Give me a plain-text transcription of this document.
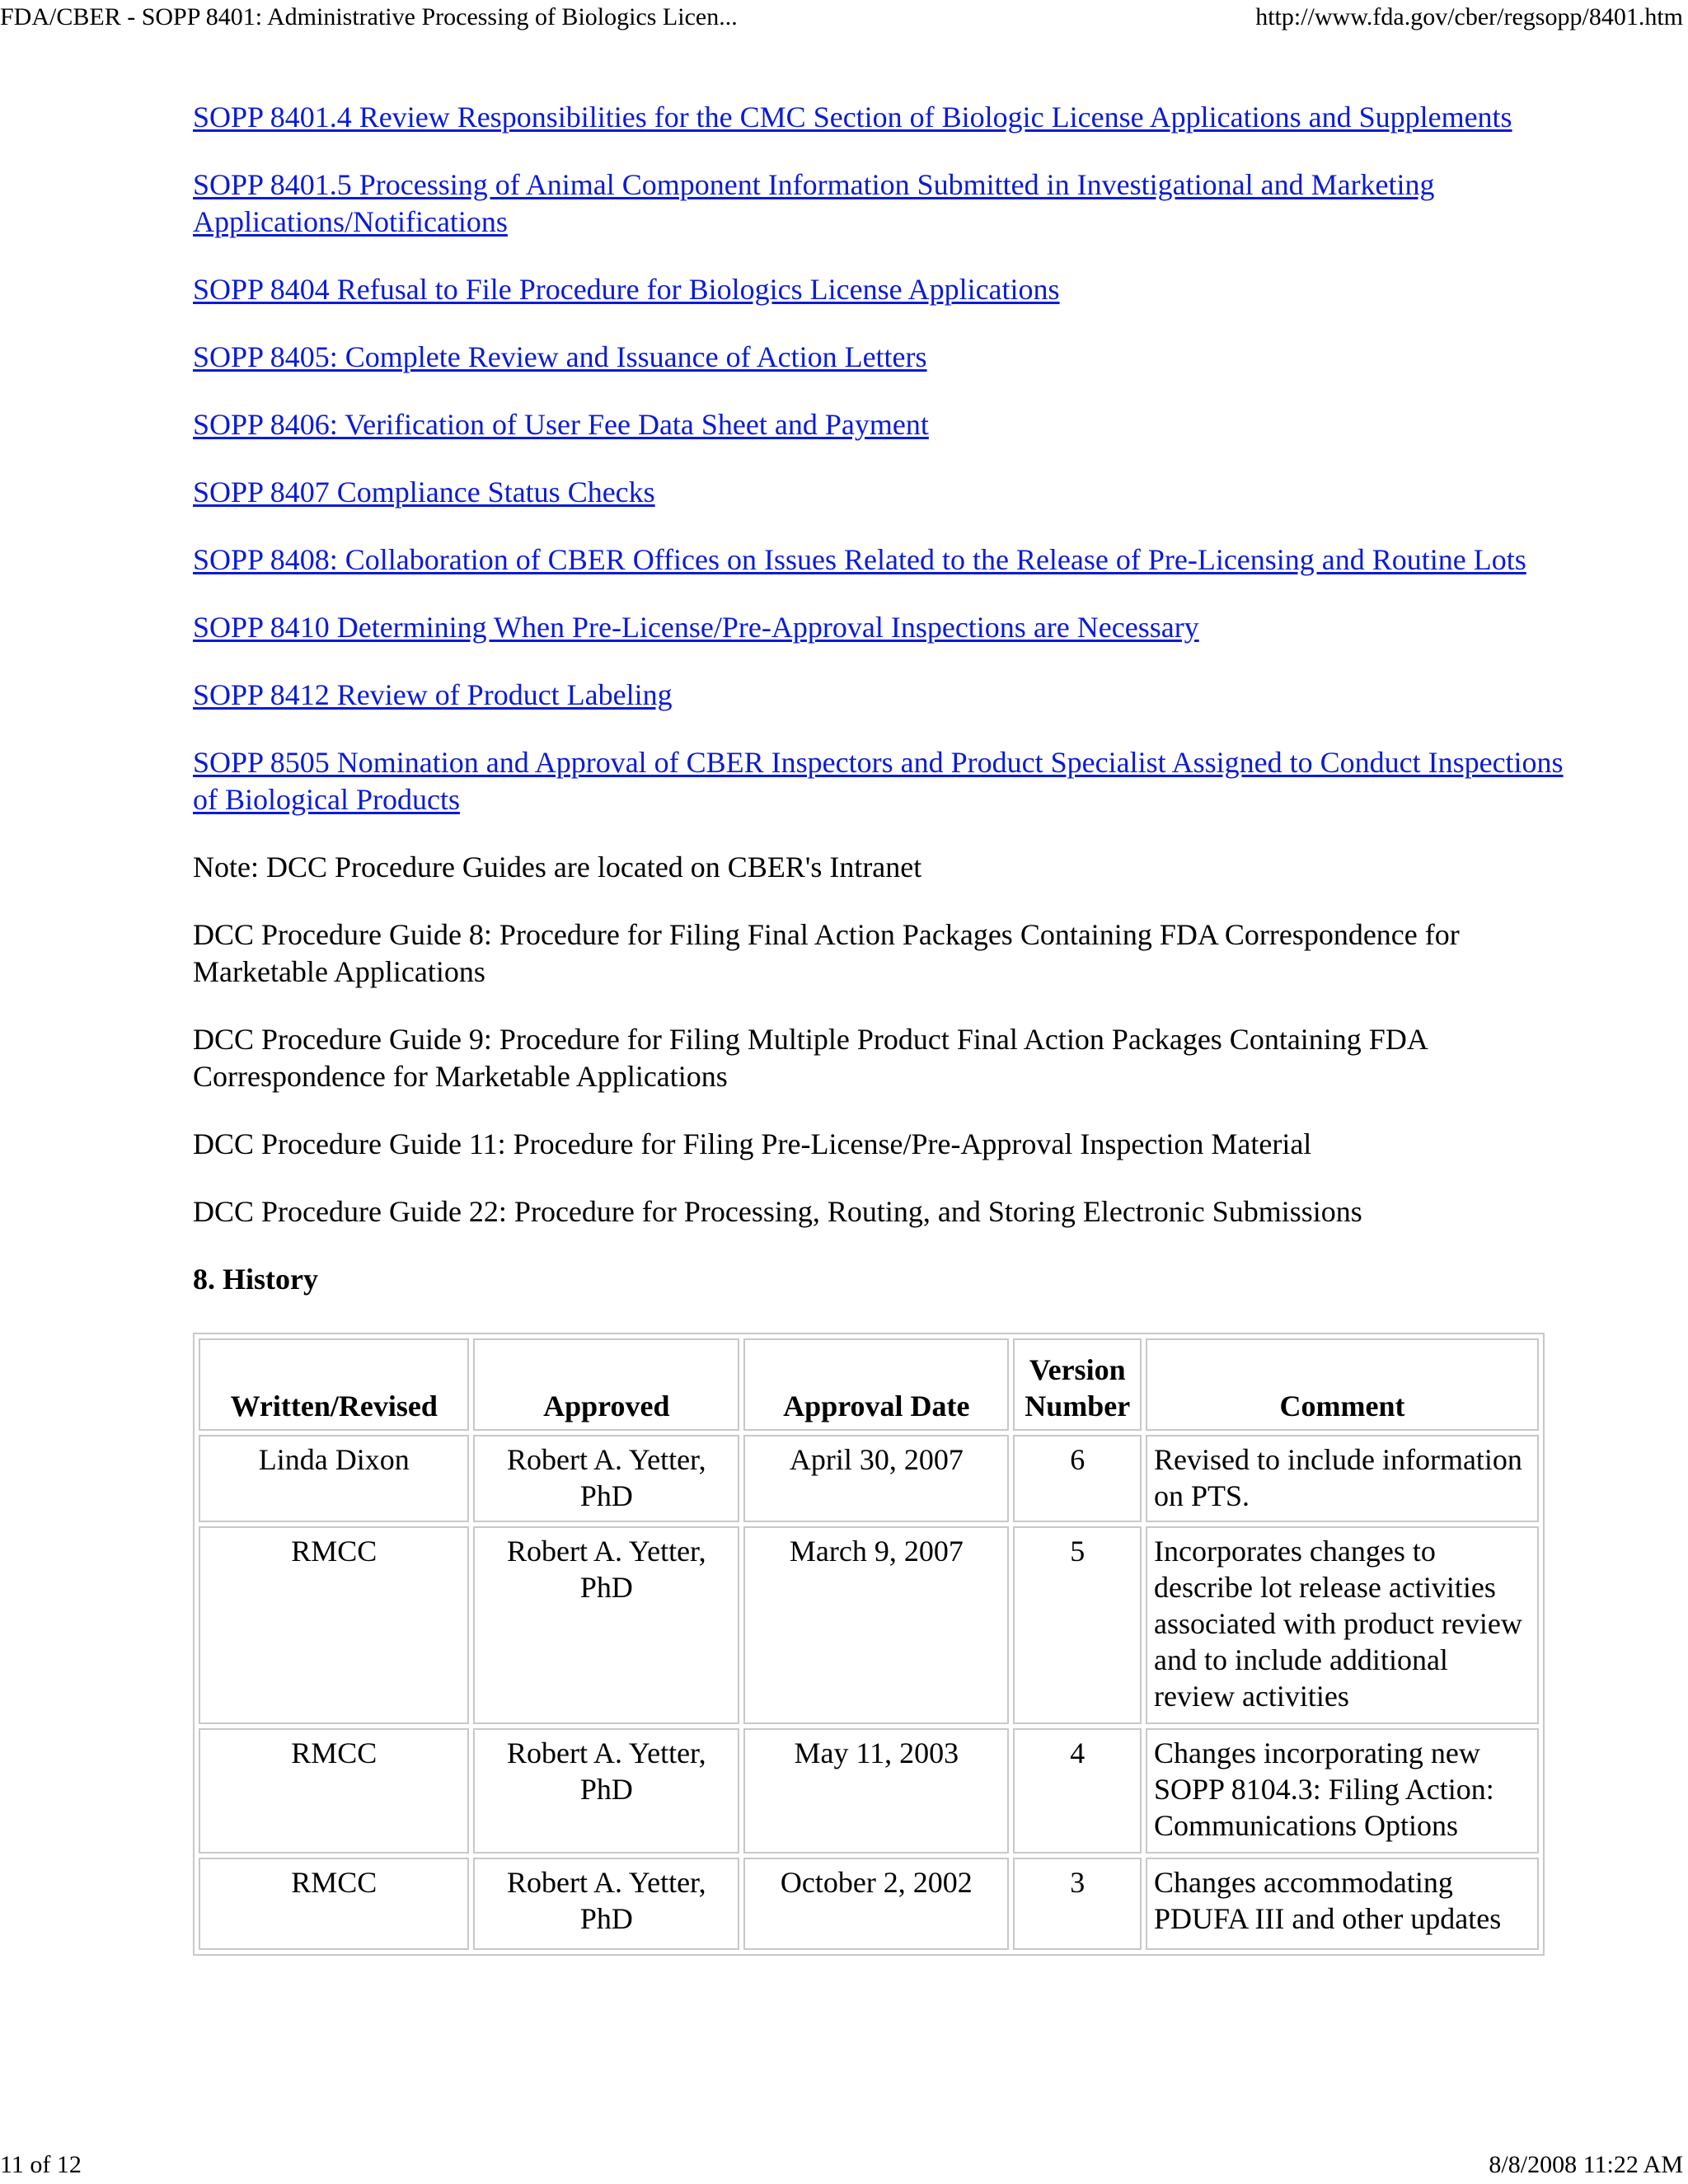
FDA/CBER - SOPP 8401: Administrative Processing of Biologics Licen...	http://www.fda.gov/cber/regsopp/8401.htm

SOPP 8401.4 Review Responsibilities for the CMC Section of Biologic License Applications and Supplements

SOPP 8401.5 Processing of Animal Component Information Submitted in Investigational and Marketing Applications/Notifications

SOPP 8404 Refusal to File Procedure for Biologics License Applications

SOPP 8405: Complete Review and Issuance of Action Letters

SOPP 8406: Verification of User Fee Data Sheet and Payment

SOPP 8407 Compliance Status Checks

SOPP 8408: Collaboration of CBER Offices on Issues Related to the Release of Pre-Licensing and Routine Lots

SOPP 8410 Determining When Pre-License/Pre-Approval Inspections are Necessary

SOPP 8412 Review of Product Labeling

SOPP 8505 Nomination and Approval of CBER Inspectors and Product Specialist Assigned to Conduct Inspections of Biological Products

Note: DCC Procedure Guides are located on CBER's Intranet

DCC Procedure Guide 8: Procedure for Filing Final Action Packages Containing FDA Correspondence for Marketable Applications

DCC Procedure Guide 9: Procedure for Filing Multiple Product Final Action Packages Containing FDA Correspondence for Marketable Applications

DCC Procedure Guide 11: Procedure for Filing Pre-License/Pre-Approval Inspection Material

DCC Procedure Guide 22: Procedure for Processing, Routing, and Storing Electronic Submissions

8. History
Written/Revised	Approved	Approval Date	Version Number	Comment
Linda Dixon	Robert A. Yetter, PhD	April 30, 2007	6	Revised to include information on PTS.
RMCC	Robert A. Yetter, PhD	March 9, 2007	5	Incorporates changes to describe lot release activities associated with product review and to include additional review activities
RMCC	Robert A. Yetter, PhD	May 11, 2003	4	Changes incorporating new SOPP 8104.3: Filing Action: Communications Options
RMCC	Robert A. Yetter, PhD	October 2, 2002	3	Changes accommodating PDUFA III and other updates
11 of 12	8/8/2008 11:22 AM
